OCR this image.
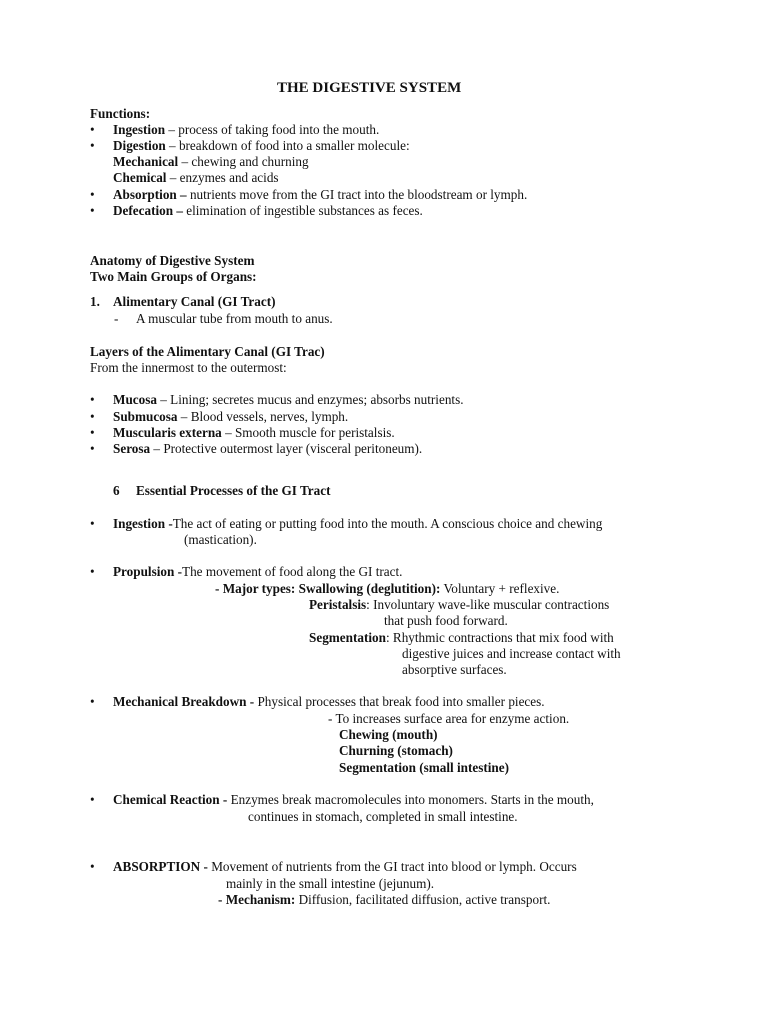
THE DIGESTIVE SYSTEM
Functions:
• Ingestion – process of taking food into the mouth.
• Digestion – breakdown of food into a smaller molecule:
Mechanical – chewing and churning
Chemical – enzymes and acids
• Absorption – nutrients move from the GI tract into the bloodstream or lymph.
• Defecation – elimination of ingestible substances as feces.
Anatomy of Digestive System
Two Main Groups of Organs:
1. Alimentary Canal (GI Tract)
- A muscular tube from mouth to anus.
Layers of the Alimentary Canal (GI Trac)
From the innermost to the outermost:
• Mucosa – Lining; secretes mucus and enzymes; absorbs nutrients.
• Submucosa – Blood vessels, nerves, lymph.
• Muscularis externa – Smooth muscle for peristalsis.
• Serosa – Protective outermost layer (visceral peritoneum).
6 Essential Processes of the GI Tract
• Ingestion -The act of eating or putting food into the mouth. A conscious choice and chewing
(mastication).
• Propulsion -The movement of food along the GI tract.
- Major types: Swallowing (deglutition): Voluntary + reflexive.
Peristalsis: Involuntary wave-like muscular contractions
that push food forward.
Segmentation: Rhythmic contractions that mix food with
digestive juices and increase contact with
absorptive surfaces.
• Mechanical Breakdown - Physical processes that break food into smaller pieces.
- To increases surface area for enzyme action.
Chewing (mouth)
Churning (stomach)
Segmentation (small intestine)
• Chemical Reaction - Enzymes break macromolecules into monomers. Starts in the mouth,
continues in stomach, completed in small intestine.
• ABSORPTION - Movement of nutrients from the GI tract into blood or lymph. Occurs
mainly in the small intestine (jejunum).
- Mechanism: Diffusion, facilitated diffusion, active transport.
